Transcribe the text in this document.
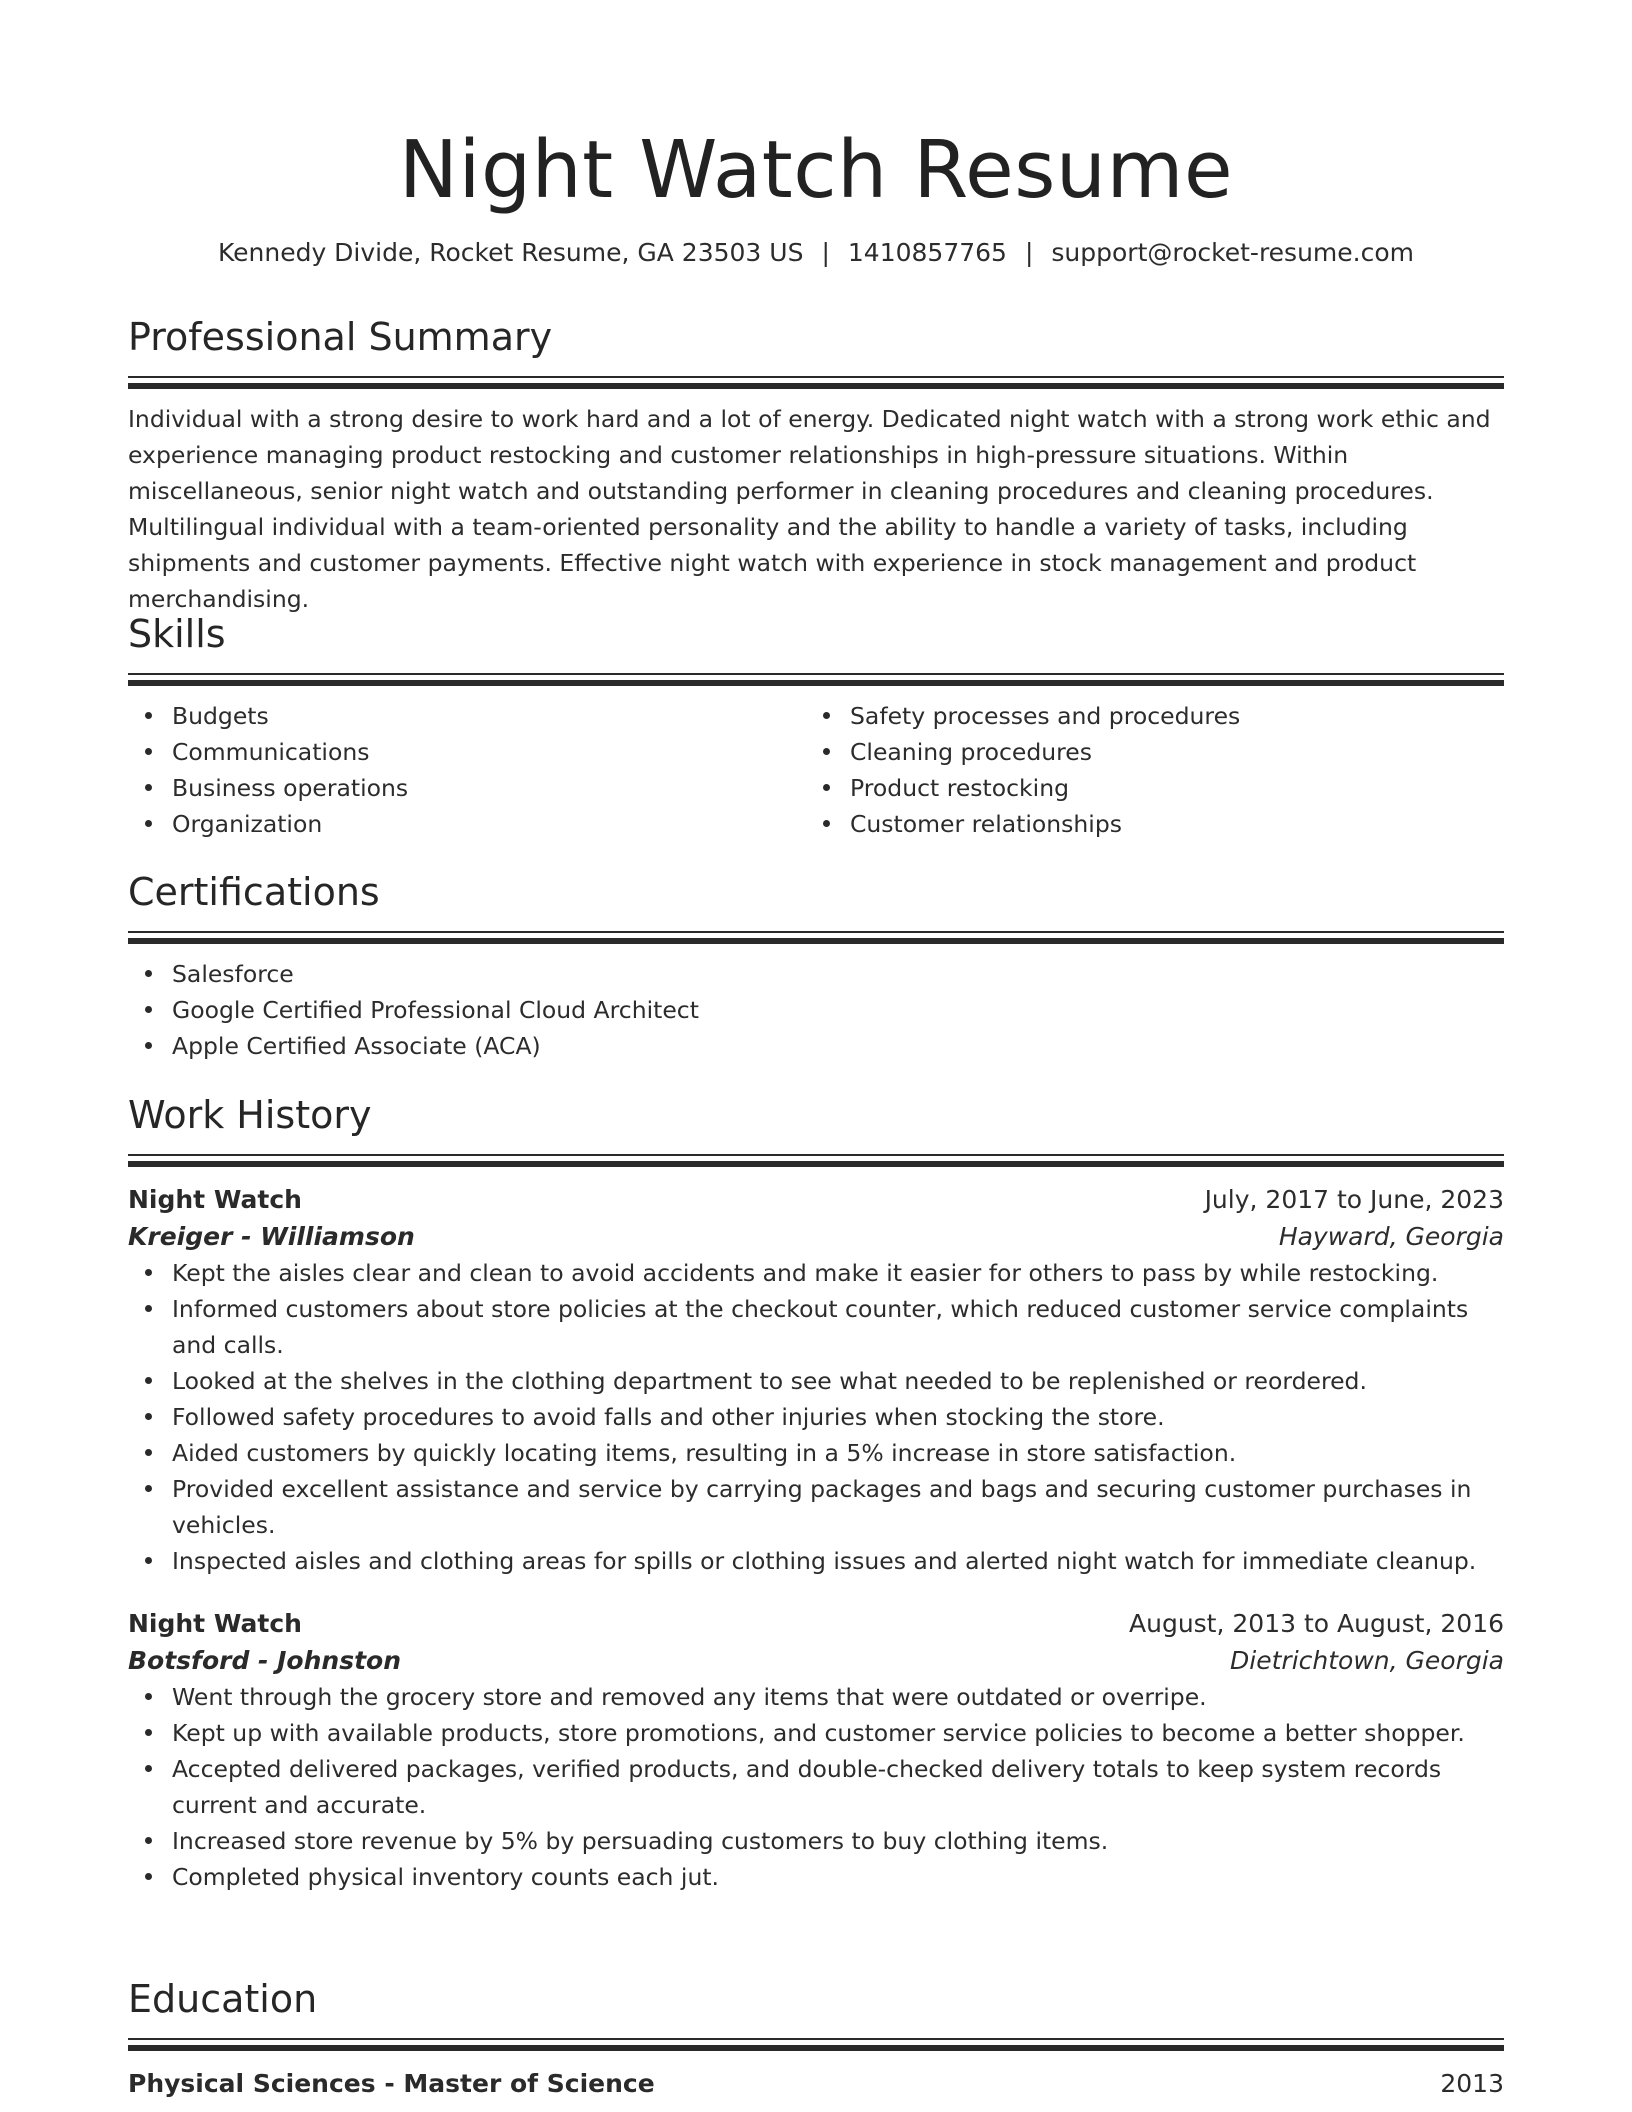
Night Watch Resume
Kennedy Divide, Rocket Resume, GA 23503 US | 1410857765 | support@rocket-resume.com
Professional Summary
Individual with a strong desire to work hard and a lot of energy. Dedicated night watch with a strong work ethic and experience managing product restocking and customer relationships in high-pressure situations. Within miscellaneous, senior night watch and outstanding performer in cleaning procedures and cleaning procedures. Multilingual individual with a team-oriented personality and the ability to handle a variety of tasks, including shipments and customer payments. Effective night watch with experience in stock management and product merchandising.
Skills
Budgets
Communications
Business operations
Organization
Safety processes and procedures
Cleaning procedures
Product restocking
Customer relationships
Certifications
Salesforce
Google Certified Professional Cloud Architect
Apple Certified Associate (ACA)
Work History
Night Watch	July, 2017 to June, 2023
Kreiger - Williamson	Hayward, Georgia
Kept the aisles clear and clean to avoid accidents and make it easier for others to pass by while restocking.
Informed customers about store policies at the checkout counter, which reduced customer service complaints and calls.
Looked at the shelves in the clothing department to see what needed to be replenished or reordered.
Followed safety procedures to avoid falls and other injuries when stocking the store.
Aided customers by quickly locating items, resulting in a 5% increase in store satisfaction.
Provided excellent assistance and service by carrying packages and bags and securing customer purchases in vehicles.
Inspected aisles and clothing areas for spills or clothing issues and alerted night watch for immediate cleanup.
Night Watch	August, 2013 to August, 2016
Botsford - Johnston	Dietrichtown, Georgia
Went through the grocery store and removed any items that were outdated or overripe.
Kept up with available products, store promotions, and customer service policies to become a better shopper.
Accepted delivered packages, verified products, and double-checked delivery totals to keep system records current and accurate.
Increased store revenue by 5% by persuading customers to buy clothing items.
Completed physical inventory counts each jut.
Education
Physical Sciences - Master of Science	2013
